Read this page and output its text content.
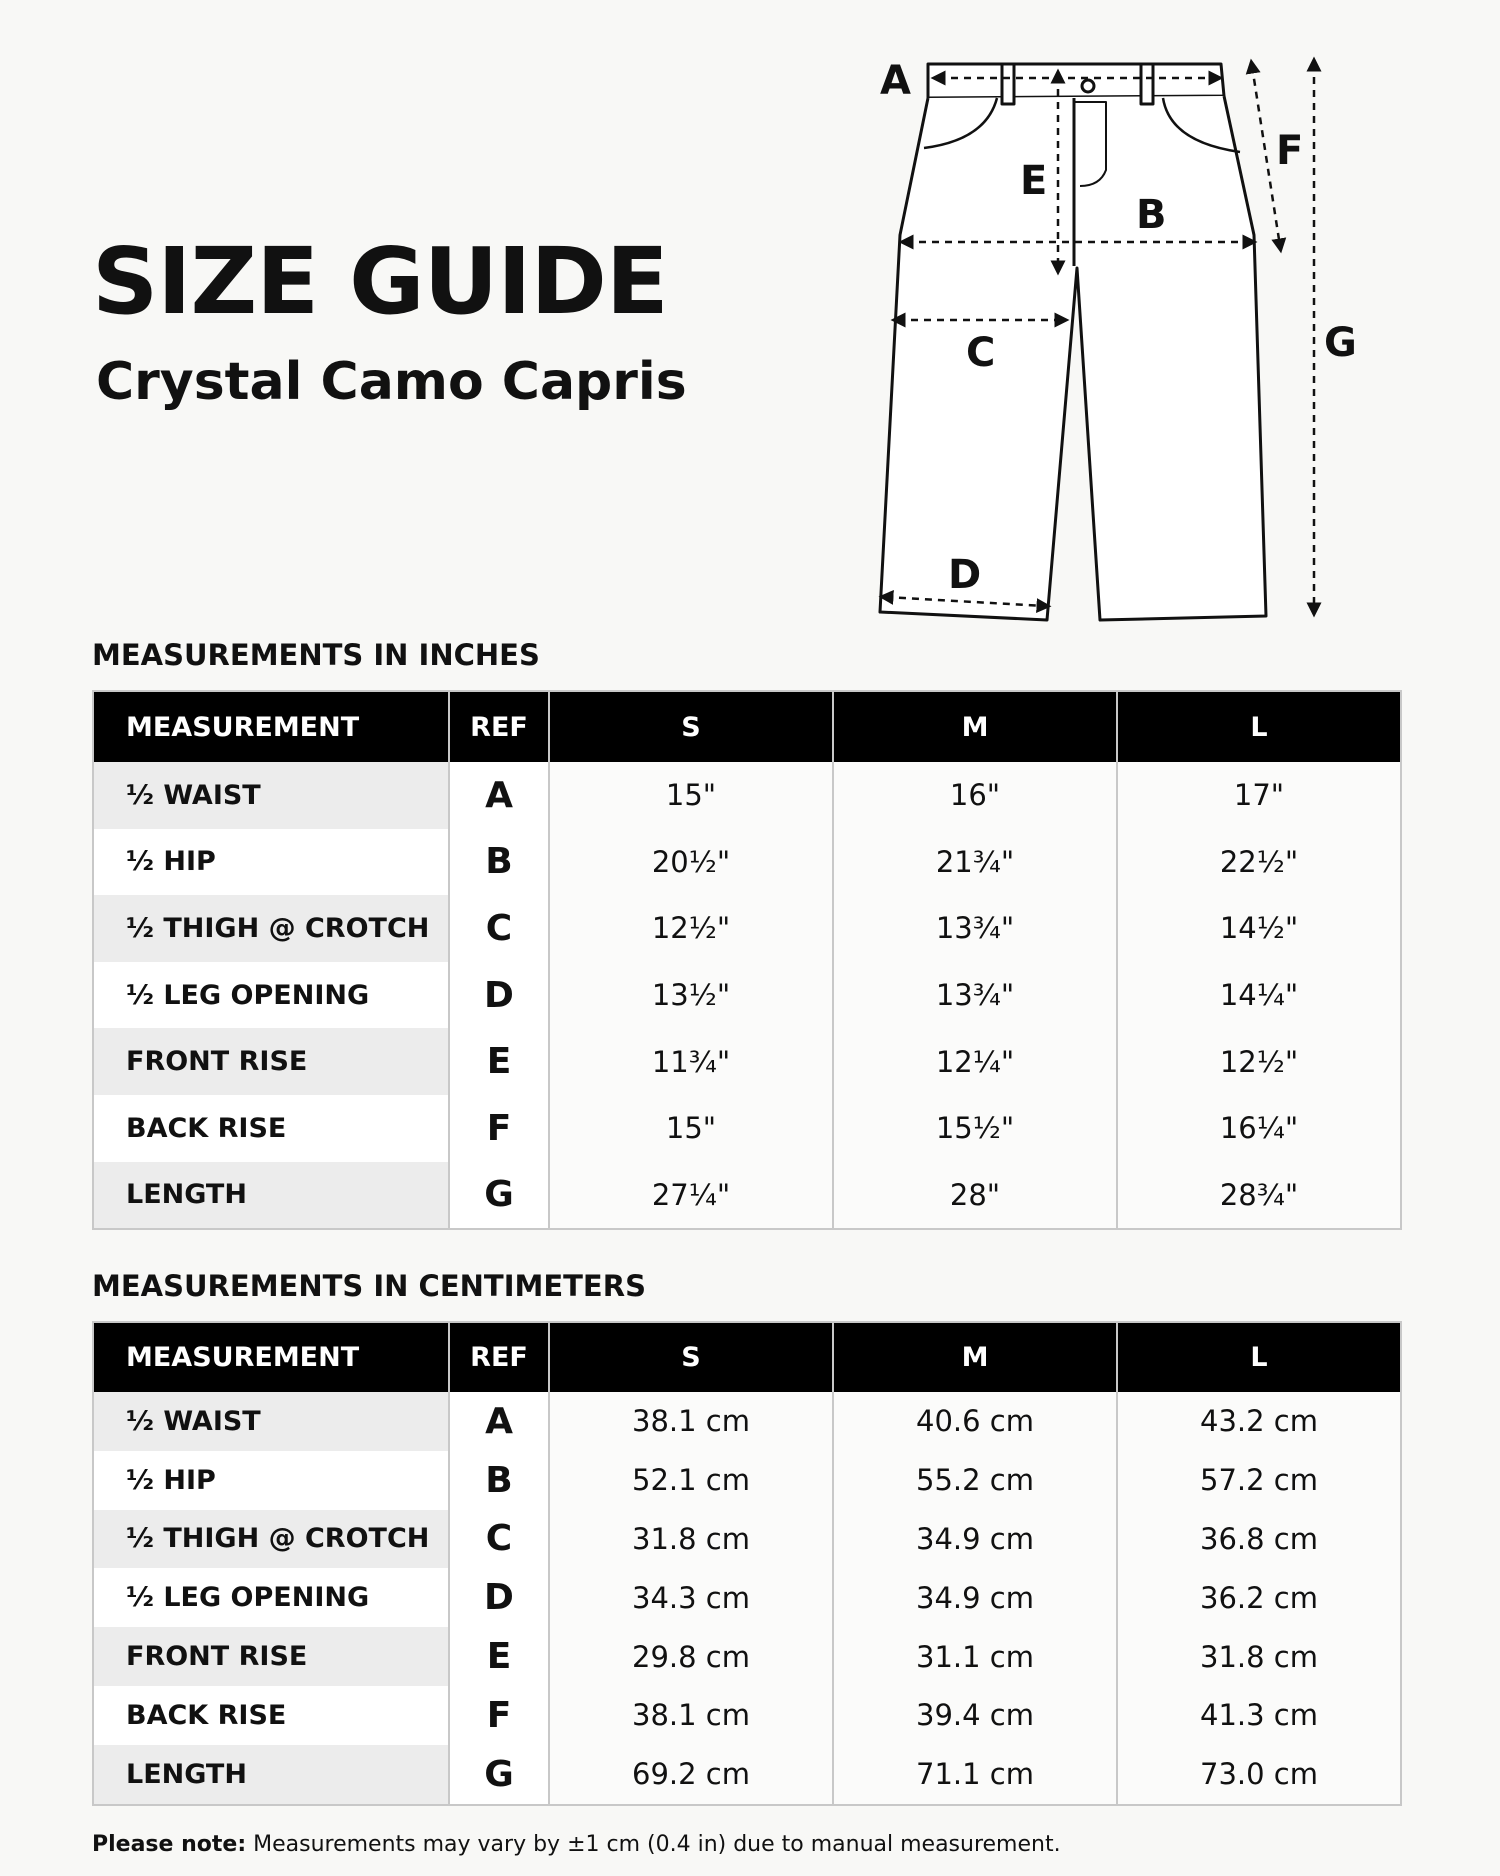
SIZE GUIDE
Crystal Camo Capris
A
E
B
C
D
F
G
MEASUREMENTS IN INCHES
MEASUREMENT	REF	S	M	L
½ WAIST	A	15"	16"	17"
½ HIP	B	20½"	21¾"	22½"
½ THIGH @ CROTCH	C	12½"	13¾"	14½"
½ LEG OPENING	D	13½"	13¾"	14¼"
FRONT RISE	E	11¾"	12¼"	12½"
BACK RISE	F	15"	15½"	16¼"
LENGTH	G	27¼"	28"	28¾"
MEASUREMENTS IN CENTIMETERS
MEASUREMENT	REF	S	M	L
½ WAIST	A	38.1 cm	40.6 cm	43.2 cm
½ HIP	B	52.1 cm	55.2 cm	57.2 cm
½ THIGH @ CROTCH	C	31.8 cm	34.9 cm	36.8 cm
½ LEG OPENING	D	34.3 cm	34.9 cm	36.2 cm
FRONT RISE	E	29.8 cm	31.1 cm	31.8 cm
BACK RISE	F	38.1 cm	39.4 cm	41.3 cm
LENGTH	G	69.2 cm	71.1 cm	73.0 cm

Please note: Measurements may vary by ±1 cm (0.4 in) due to manual measurement.
